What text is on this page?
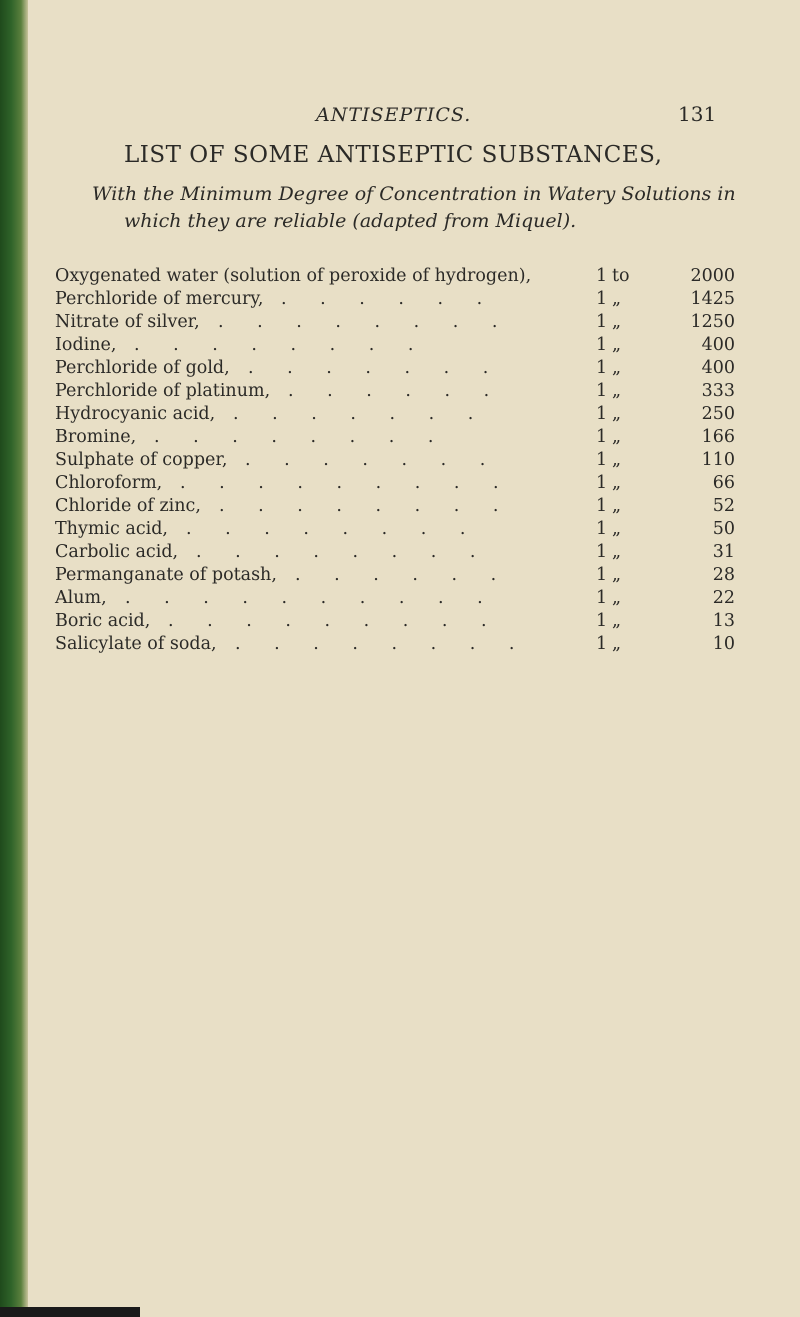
ANTISEPTICS.	131
LIST OF SOME ANTISEPTIC SUBSTANCES,
With the Minimum Degree of Concentration in Watery Solutions in
which they are reliable (adapted from Miquel).
Oxygenated water (solution of peroxide of hydrogen),	1 to	2000
Perchloride of mercury, . . . . . .	1 „	1425
Nitrate of silver, . . . . . . . .	1 „	1250
Iodine, . . . . . . . .	1 „	400
Perchloride of gold, . . . . . . .	1 „	400
Perchloride of platinum, . . . . . .	1 „	333
Hydrocyanic acid, . . . . . . .	1 „	250
Bromine, . . . . . . . .	1 „	166
Sulphate of copper, . . . . . . .	1 „	110
Chloroform, . . . . . . . . .	1 „	66
Chloride of zinc, . . . . . . . .	1 „	52
Thymic acid, . . . . . . . .	1 „	50
Carbolic acid, . . . . . . . .	1 „	31
Permanganate of potash, . . . . . .	1 „	28
Alum, . . . . . . . . . .	1 „	22
Boric acid, . . . . . . . . .	1 „	13
Salicylate of soda, . . . . . . . .	1 „	10
